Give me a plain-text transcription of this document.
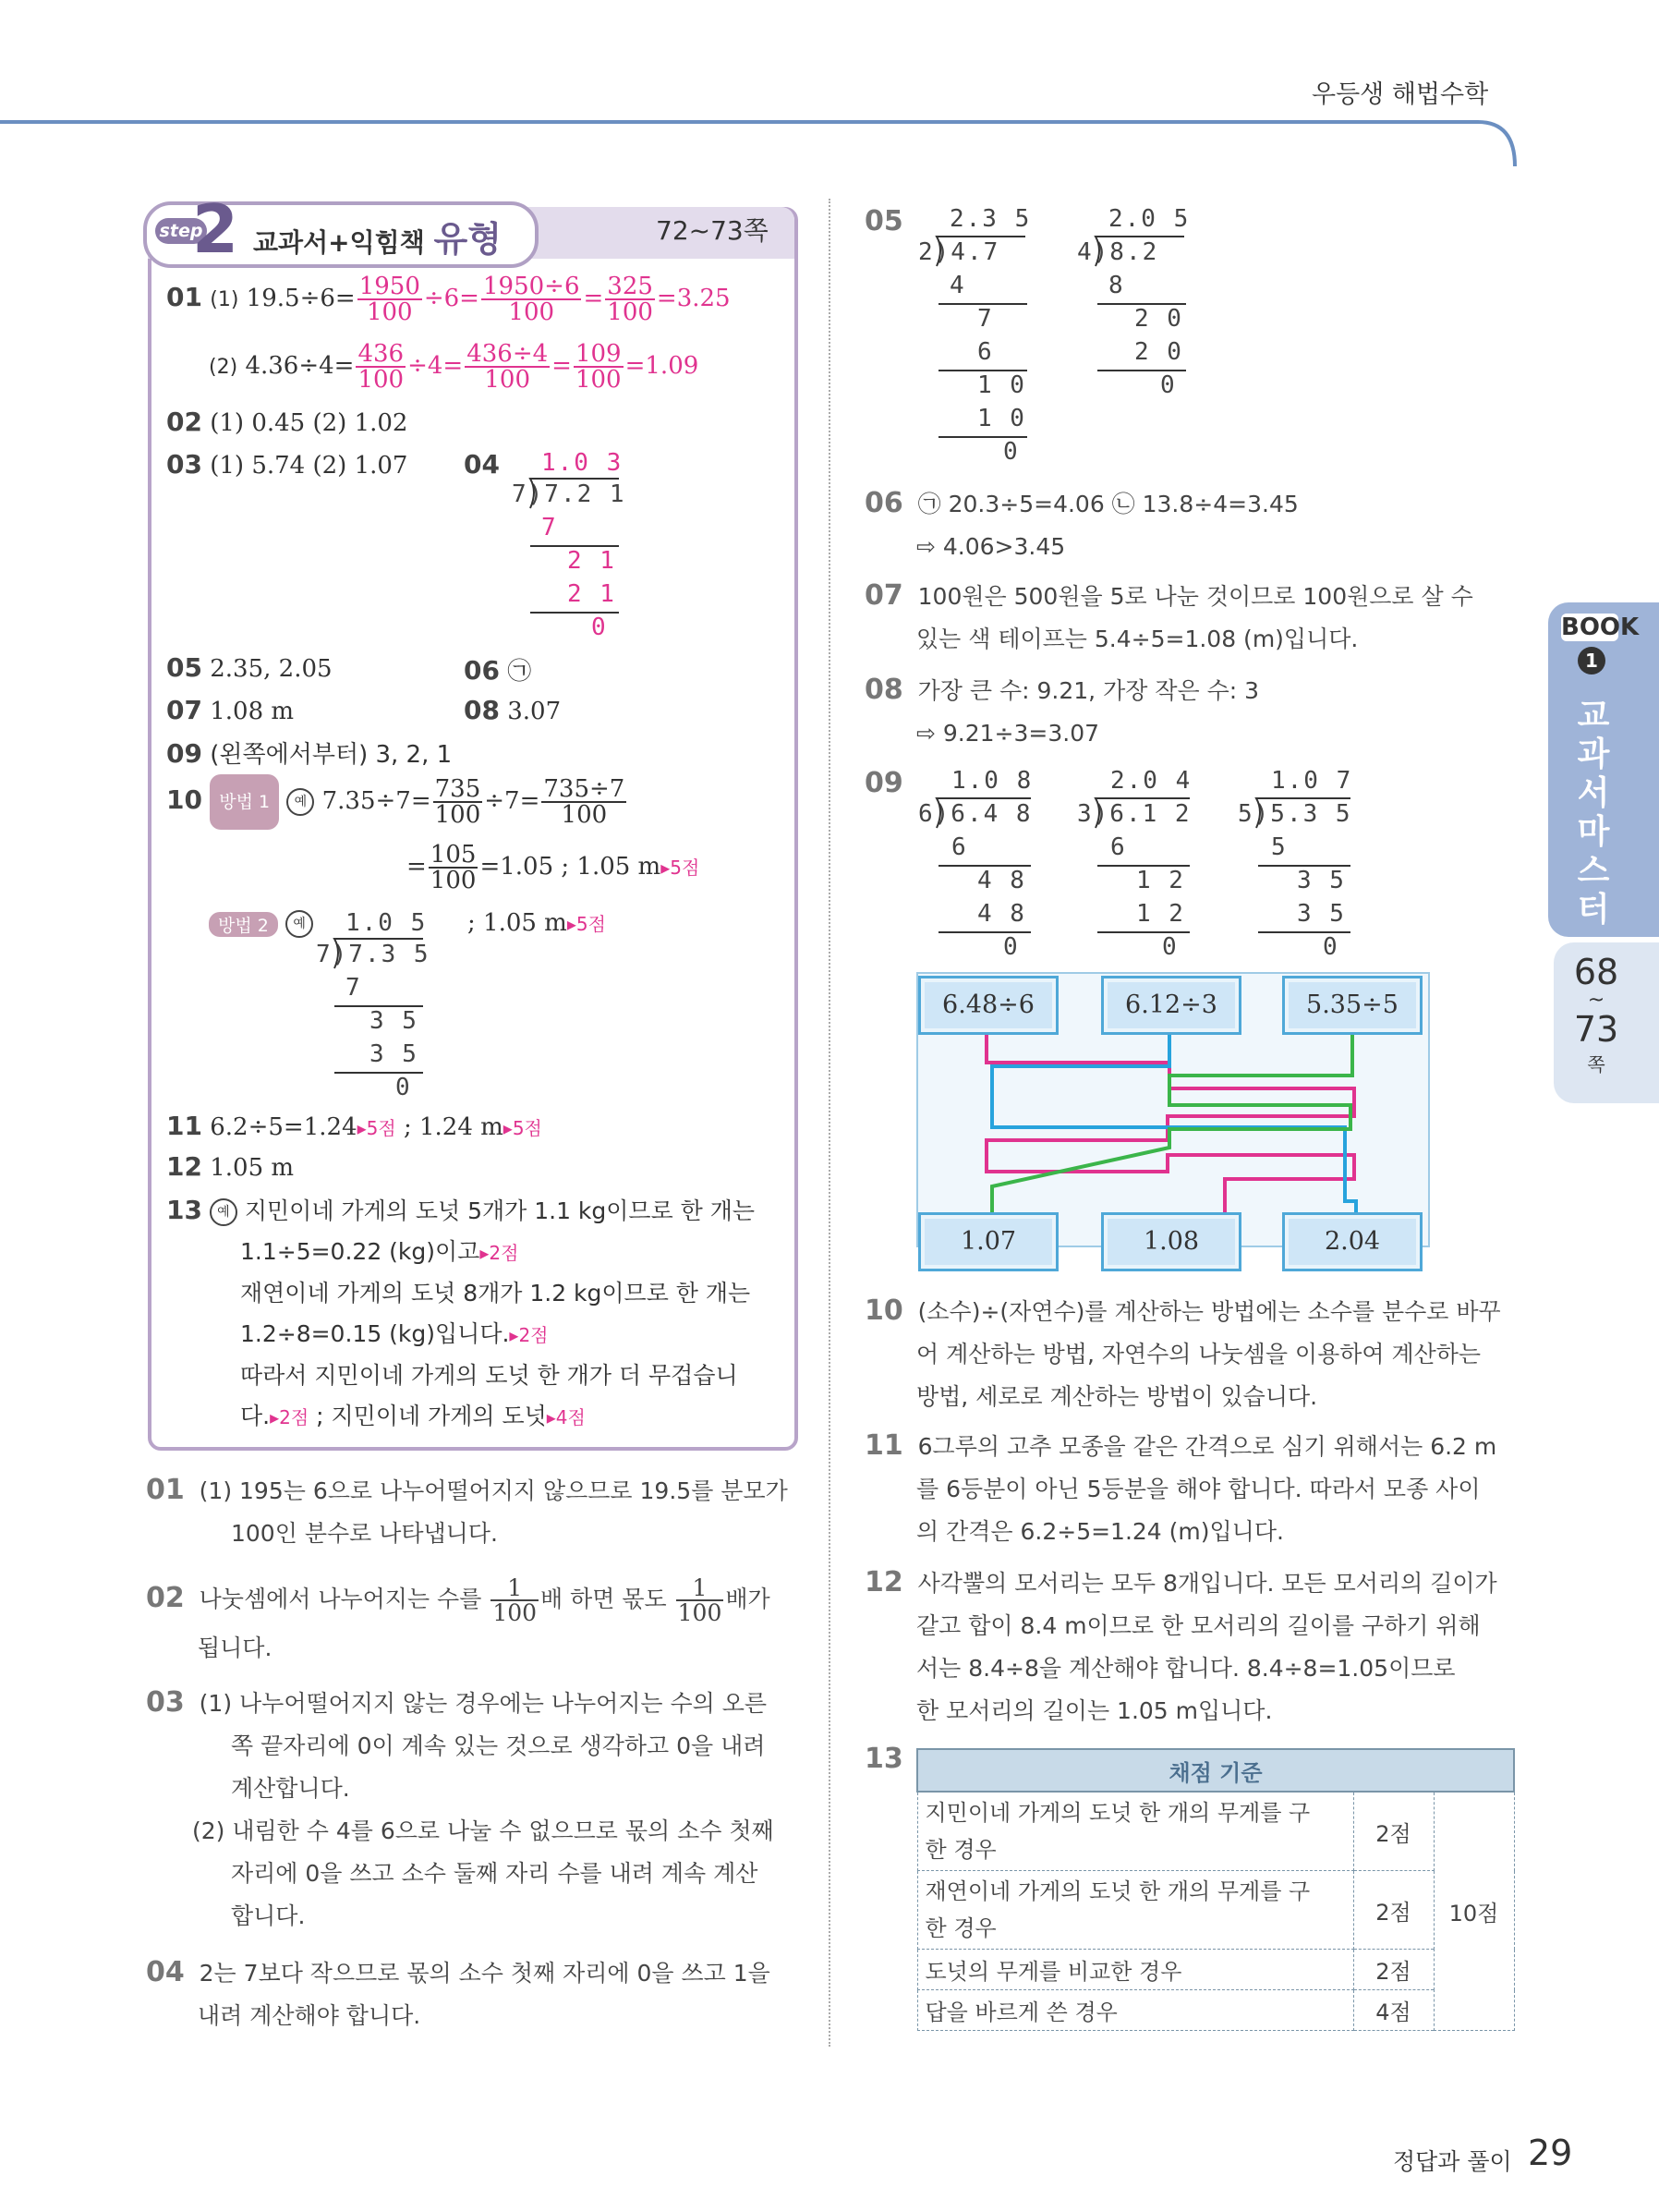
우등생 해법수학
step
2 교과서+익힘책 유형	72~73쪽
01 (1) $19.5\div 6= \frac{1950}{100} \div 6= \frac{1950\div 6}{100} = \frac{325}{100} =3.25$
(2) $4.36\div 4= \frac{436}{100} \div 4= \frac{436\div 4}{100} = \frac{109}{100} =1.09$
02 (1) 0.45 (2) 1.02
03 (1) 5.74 (2) 1.07 04 1.0 3
7)7.2 1
7
2 1
2 1
0
05 2.35, 2.05	06 ㉠
07 1.08 m	08 3.07
09 (왼쪽에서부터) 3, 2, 1
10 방법 1 예 $7.35\div 7= \frac{735}{100} \div 7= \frac{735\div 7}{100}$
= $\frac{105}{100} =1.05$ ; 1.05 m▸5점
방법 2 예	1.0 5 ; 1.05 m▸5점
7)7.3 5
7
3 5
3 5
0
11 6.2÷5=1.24▸5점 ; 1.24 m▸5점
12 1.05 m
13 예 지민이네 가게의 도넛 5개가 1.1 kg이므로 한 개는
1.1÷5=0.22 (kg)이고▸2점
재연이네 가게의 도넛 8개가 1.2 kg이므로 한 개는
1.2÷8=0.15 (kg)입니다.▸2점
따라서 지민이네 가게의 도넛 한 개가 더 무겁습니
다.▸2점 ; 지민이네 가게의 도넛▸4점
01 (1) 195는 6으로 나누어떨어지지 않으므로 19.5를 분모가
100인 분수로 나타냅니다.
02 나눗셈에서 나누어지는 수를 $\frac{1}{100}$ 배 하면 몫도 $\frac{1}{100}$ 배가
됩니다.
03 (1) 나누어떨어지지 않는 경우에는 나누어지는 수의 오른
쪽 끝자리에 0이 계속 있는 것으로 생각하고 0을 내려
계산합니다.
(2) 내림한 수 4를 6으로 나눌 수 없으므로 몫의 소수 첫째
자리에 0을 쓰고 소수 둘째 자리 수를 내려 계속 계산
합니다.
04 2는 7보다 작으므로 몫의 소수 첫째 자리에 0을 쓰고 1을
내려 계산해야 합니다.
05 2.3 5
2)4.7
4
7
6
1 0
1 0
0
2.0 5
4)8.2
8
2 0
2 0
0
06 ㉠ 20.3÷5=4.06 ㉡ 13.8÷4=3.45
⇨ 4.06>3.45
07 100원은 500원을 5로 나눈 것이므로 100원으로 살 수
있는 색 테이프는 5.4÷5=1.08 (m)입니다.
08 가장 큰 수: 9.21, 가장 작은 수: 3
⇨ 9.21÷3=3.07
09 1.0 8
6)6.4 8
6
4 8
4 8
0
2.0 4
3)6.1 2
6
1 2
1 2
0
1.0 7
5)5.3 5
5
3 5
3 5
0
6.48÷6	6.12÷3	5.35÷5
1.07	1.08	2.04
10 (소수)÷(자연수)를 계산하는 방법에는 소수를 분수로 바꾸
어 계산하는 방법, 자연수의 나눗셈을 이용하여 계산하는
방법, 세로로 계산하는 방법이 있습니다.
11 6그루의 고추 모종을 같은 간격으로 심기 위해서는 6.2 m
를 6등분이 아닌 5등분을 해야 합니다. 따라서 모종 사이
의 간격은 6.2÷5=1.24 (m)입니다.
12 사각뿔의 모서리는 모두 8개입니다. 모든 모서리의 길이가
같고 합이 8.4 m이므로 한 모서리의 길이를 구하기 위해
서는 8.4÷8을 계산해야 합니다. 8.4÷8=1.05이므로
한 모서리의 길이는 1.05 m입니다.
13	채점 기준		

지민이네 가게의 도넛 한 개의 무게를 구
한 경우	2점	10점

재연이네 가게의 도넛 한 개의 무게를 구
한 경우	2점	
도넛의 무게를 비교한 경우	2점	
답을 바르게 쓴 경우	4점	
BOOK
1
교
과
서
마
스
터
68
~
73
쪽
정답과 풀이 29
